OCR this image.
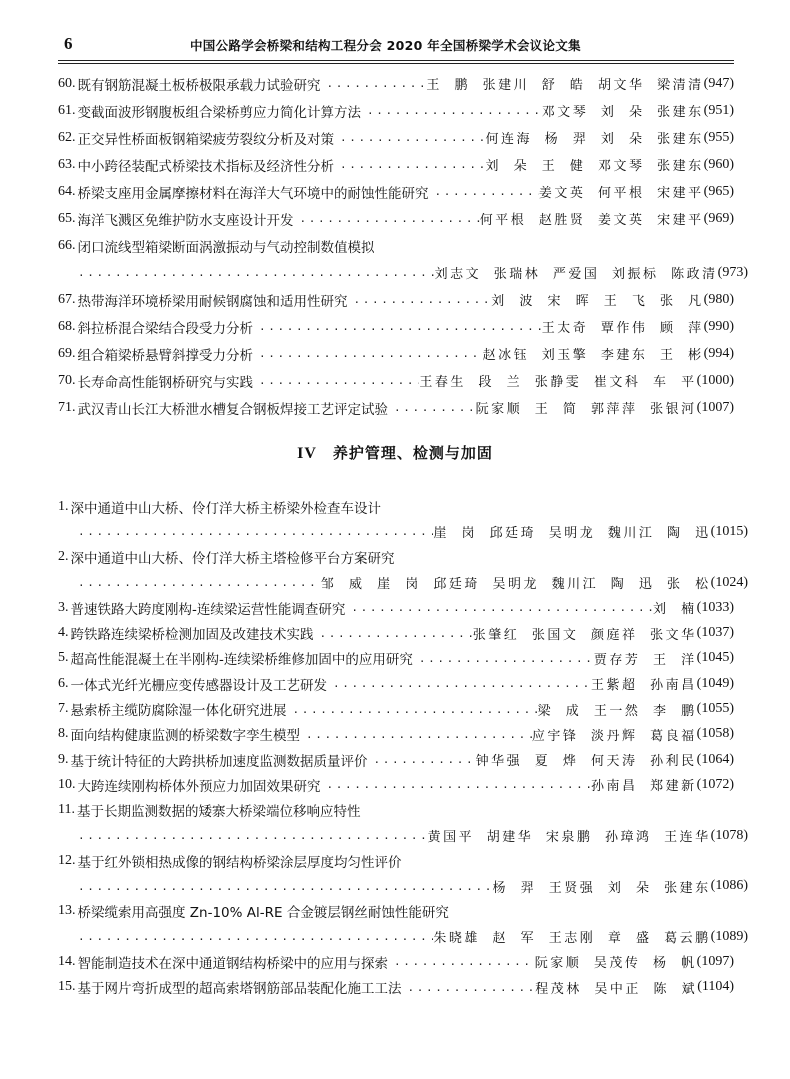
6	中国公路学会桥梁和结构工程分会 2020 年全国桥梁学术会议论文集
60. 既有钢筋混凝土板桥极限承载力试验研究 . . .	王 鹏 张建川 舒 皓 胡文华 梁清清 (947)
61. 变截面波形钢腹板组合梁桥剪应力简化计算方法 . . .	邓文琴 刘 朵 张建东 (951)
62. 正交异性桥面板钢箱梁疲劳裂纹分析及对策 . . .	何连海 杨 羿 刘 朵 张建东 (955)
63. 中小跨径装配式桥梁技术指标及经济性分析 . . .	刘 朵 王 健 邓文琴 张建东 (960)
64. 桥梁支座用金属摩擦材料在海洋大气环境中的耐蚀性能研究 . . .	姜文英 何平根 宋建平 (965)
65. 海洋飞溅区免维护防水支座设计开发 . . .	何平根 赵胜贤 姜文英 宋建平 (969)
66. 闭口流线型箱梁断面涡激振动与气动控制数值模拟
. . .
刘志文 张瑞林 严爱国 刘振标 陈政清 (973)
67. 热带海洋环境桥梁用耐候钢腐蚀和适用性研究 . . .	刘 波 宋 晖 王 飞 张 凡 (980)
68. 斜拉桥混合梁结合段受力分析 . . .	王太奇 覃作伟 顾 萍 (990)
69. 组合箱梁桥悬臂斜撑受力分析 . . .	赵冰钰 刘玉擎 李建东 王 彬 (994)
70. 长寿命高性能钢桥研究与实践 . . .	王春生 段 兰 张静雯 崔文科 车 平 (1000)
71. 武汉青山长江大桥泄水槽复合钢板焊接工艺评定试验 . . .	阮家顺 王 简 郭萍萍 张银河 (1007)
IV 养护管理、检测与加固
1. 深中通道中山大桥、伶仃洋大桥主桥梁外检查车设计
. . .
崖 岗 邱廷琦 吴明龙 魏川江 陶 迅 (1015)
2. 深中通道中山大桥、伶仃洋大桥主塔检修平台方案研究
. . .
邹 威 崖 岗 邱廷琦 吴明龙 魏川江 陶 迅 张 松 (1024)
3. 普速铁路大跨度刚构-连续梁运营性能调查研究 . . .	刘 楠 (1033)
4. 跨铁路连续梁桥检测加固及改建技术实践 . . .	张肇红 张国文 颜庭祥 张文华 (1037)
5. 超高性能混凝土在半刚构-连续梁桥维修加固中的应用研究 . . .	贾存芳 王 洋 (1045)
6. 一体式光纤光栅应变传感器设计及工艺研发 . . .	王紫超 孙南昌 (1049)
7. 悬索桥主缆防腐除湿一体化研究进展 . . .	梁 成 王一然 李 鹏 (1055)
8. 面向结构健康监测的桥梁数字孪生模型 . . .	应宇锋 淡丹辉 葛良福 (1058)
9. 基于统计特征的大跨拱桥加速度监测数据质量评价 . . .	钟华强 夏 烨 何天涛 孙利民 (1064)
10. 大跨连续刚构桥体外预应力加固效果研究 . . .	孙南昌 郑建新 (1072)
11. 基于长期监测数据的矮寨大桥梁端位移响应特性
. . .
黄国平 胡建华 宋泉鹏 孙璋鸿 王连华 (1078)
12. 基于红外锁相热成像的钢结构桥梁涂层厚度均匀性评价
. . .
杨 羿 王贤强 刘 朵 张建东 (1086)
13. 桥梁缆索用高强度 Zn-10% Al-RE 合金镀层钢丝耐蚀性能研究
. . .
朱晓雄 赵 军 王志刚 章 盛 葛云鹏 (1089)
14. 智能制造技术在深中通道钢结构桥梁中的应用与探索 . . .	阮家顺 吴茂传 杨 帆 (1097)
15. 基于网片弯折成型的超高索塔钢筋部品装配化施工工法 . . .	程茂林 吴中正 陈 斌 (1104)
